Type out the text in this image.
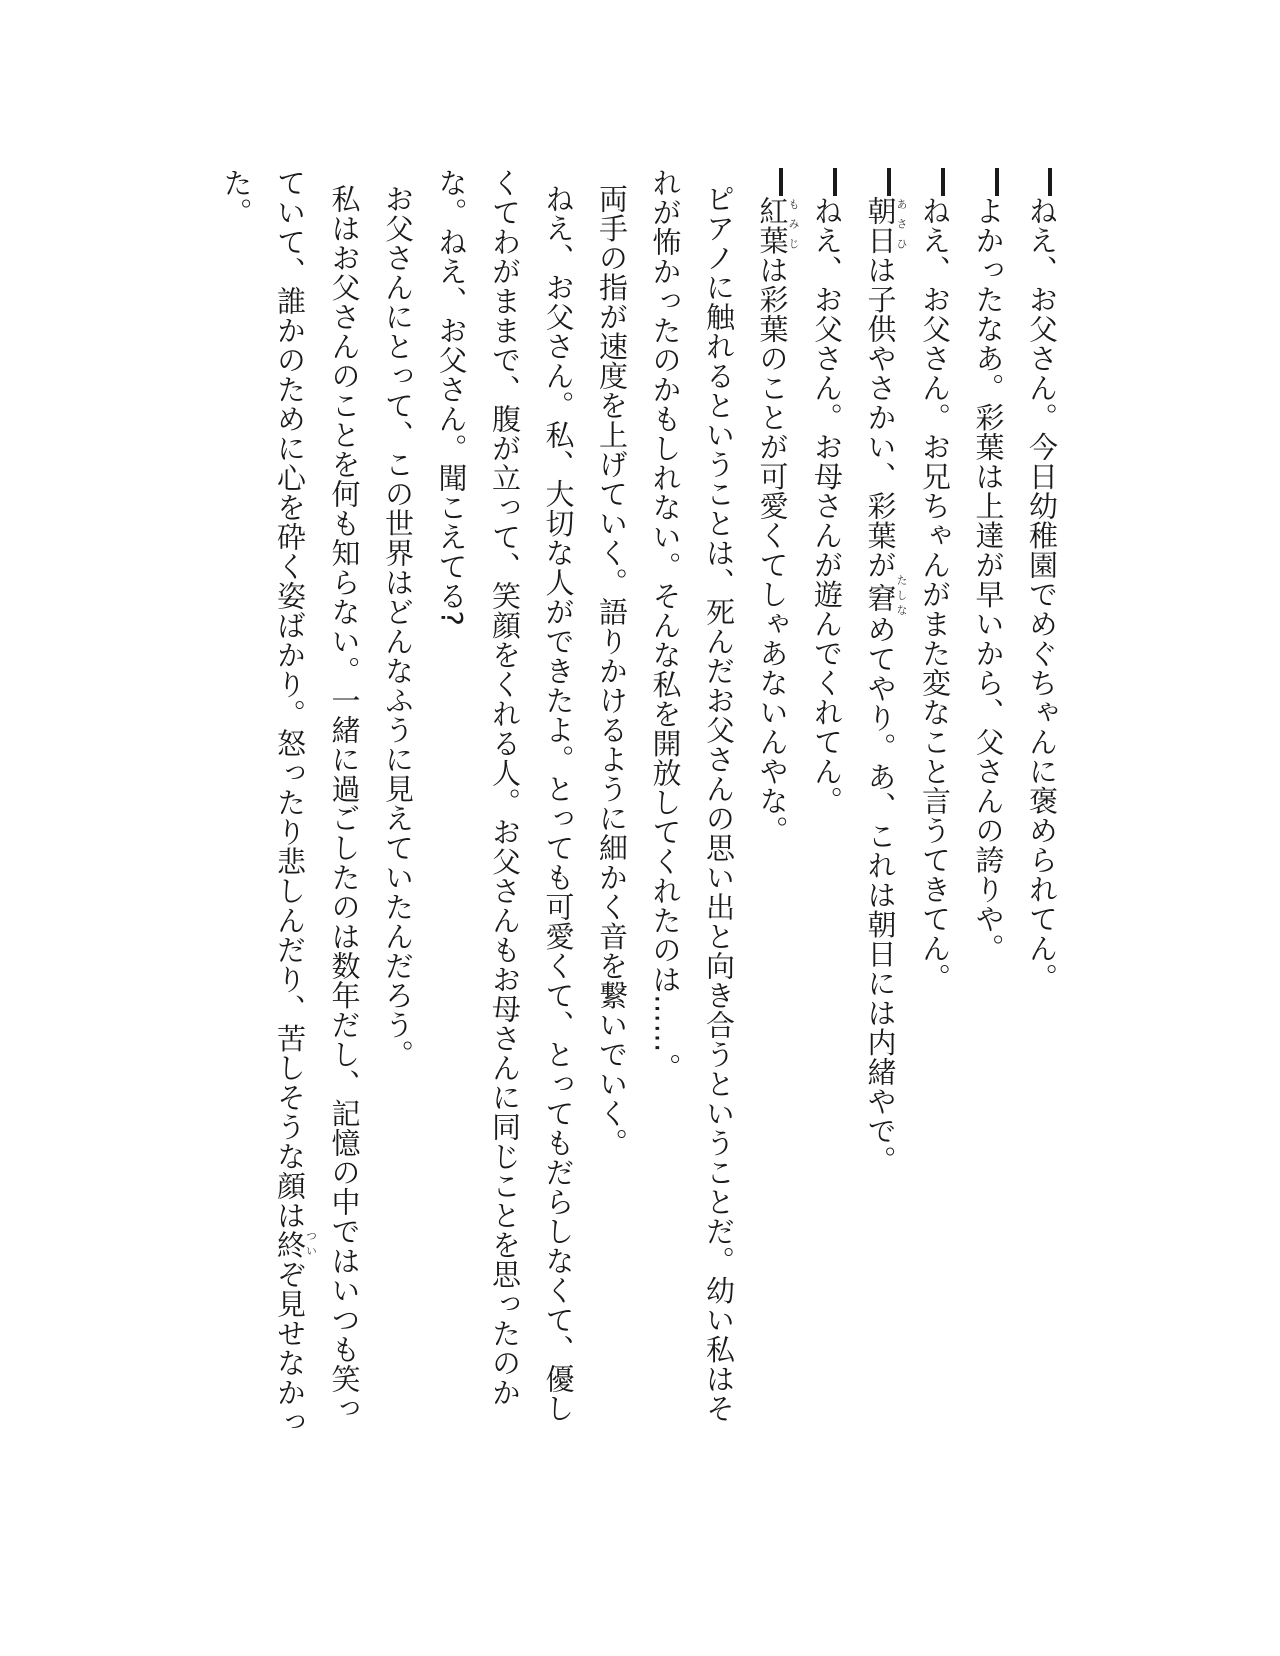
ねえ、お父さん。今日幼稚園でめぐちゃんに褒められてん。
よかったなあ。彩葉は上達が早いから、父さんの誇りや。
ねえ、お父さん。お兄ちゃんがまた変なこと言うてきてん。
朝日あさひは子供やさかい、彩葉が窘たしなめてやり。あ、これは朝日には内緒やで。
ねえ、お父さん。お母さんが遊んでくれてん。
紅葉もみじは彩葉のことが可愛くてしゃあないんやな。
ピアノに触れるということは、死んだお父さんの思い出と向き合うということだ。幼い私はそ
れが怖かったのかもしれない。そんな私を開放してくれたのは……。
両手の指が速度を上げていく。語りかけるように細かく音を繋いでいく。
ねえ、お父さん。私、大切な人ができたよ。とっても可愛くて、とってもだらしなくて、優し
くてわがままで、腹が立って、笑顔をくれる人。お父さんもお母さんに同じことを思ったのか
な。ねえ、お父さん。聞こえてる?
お父さんにとって、この世界はどんなふうに見えていたんだろう。
私はお父さんのことを何も知らない。一緒に過ごしたのは数年だし、記憶の中ではいつも笑っ
ていて、誰かのために心を砕く姿ばかり。怒ったり悲しんだり、苦しそうな顔は終ついぞ見せなかっ
た。
